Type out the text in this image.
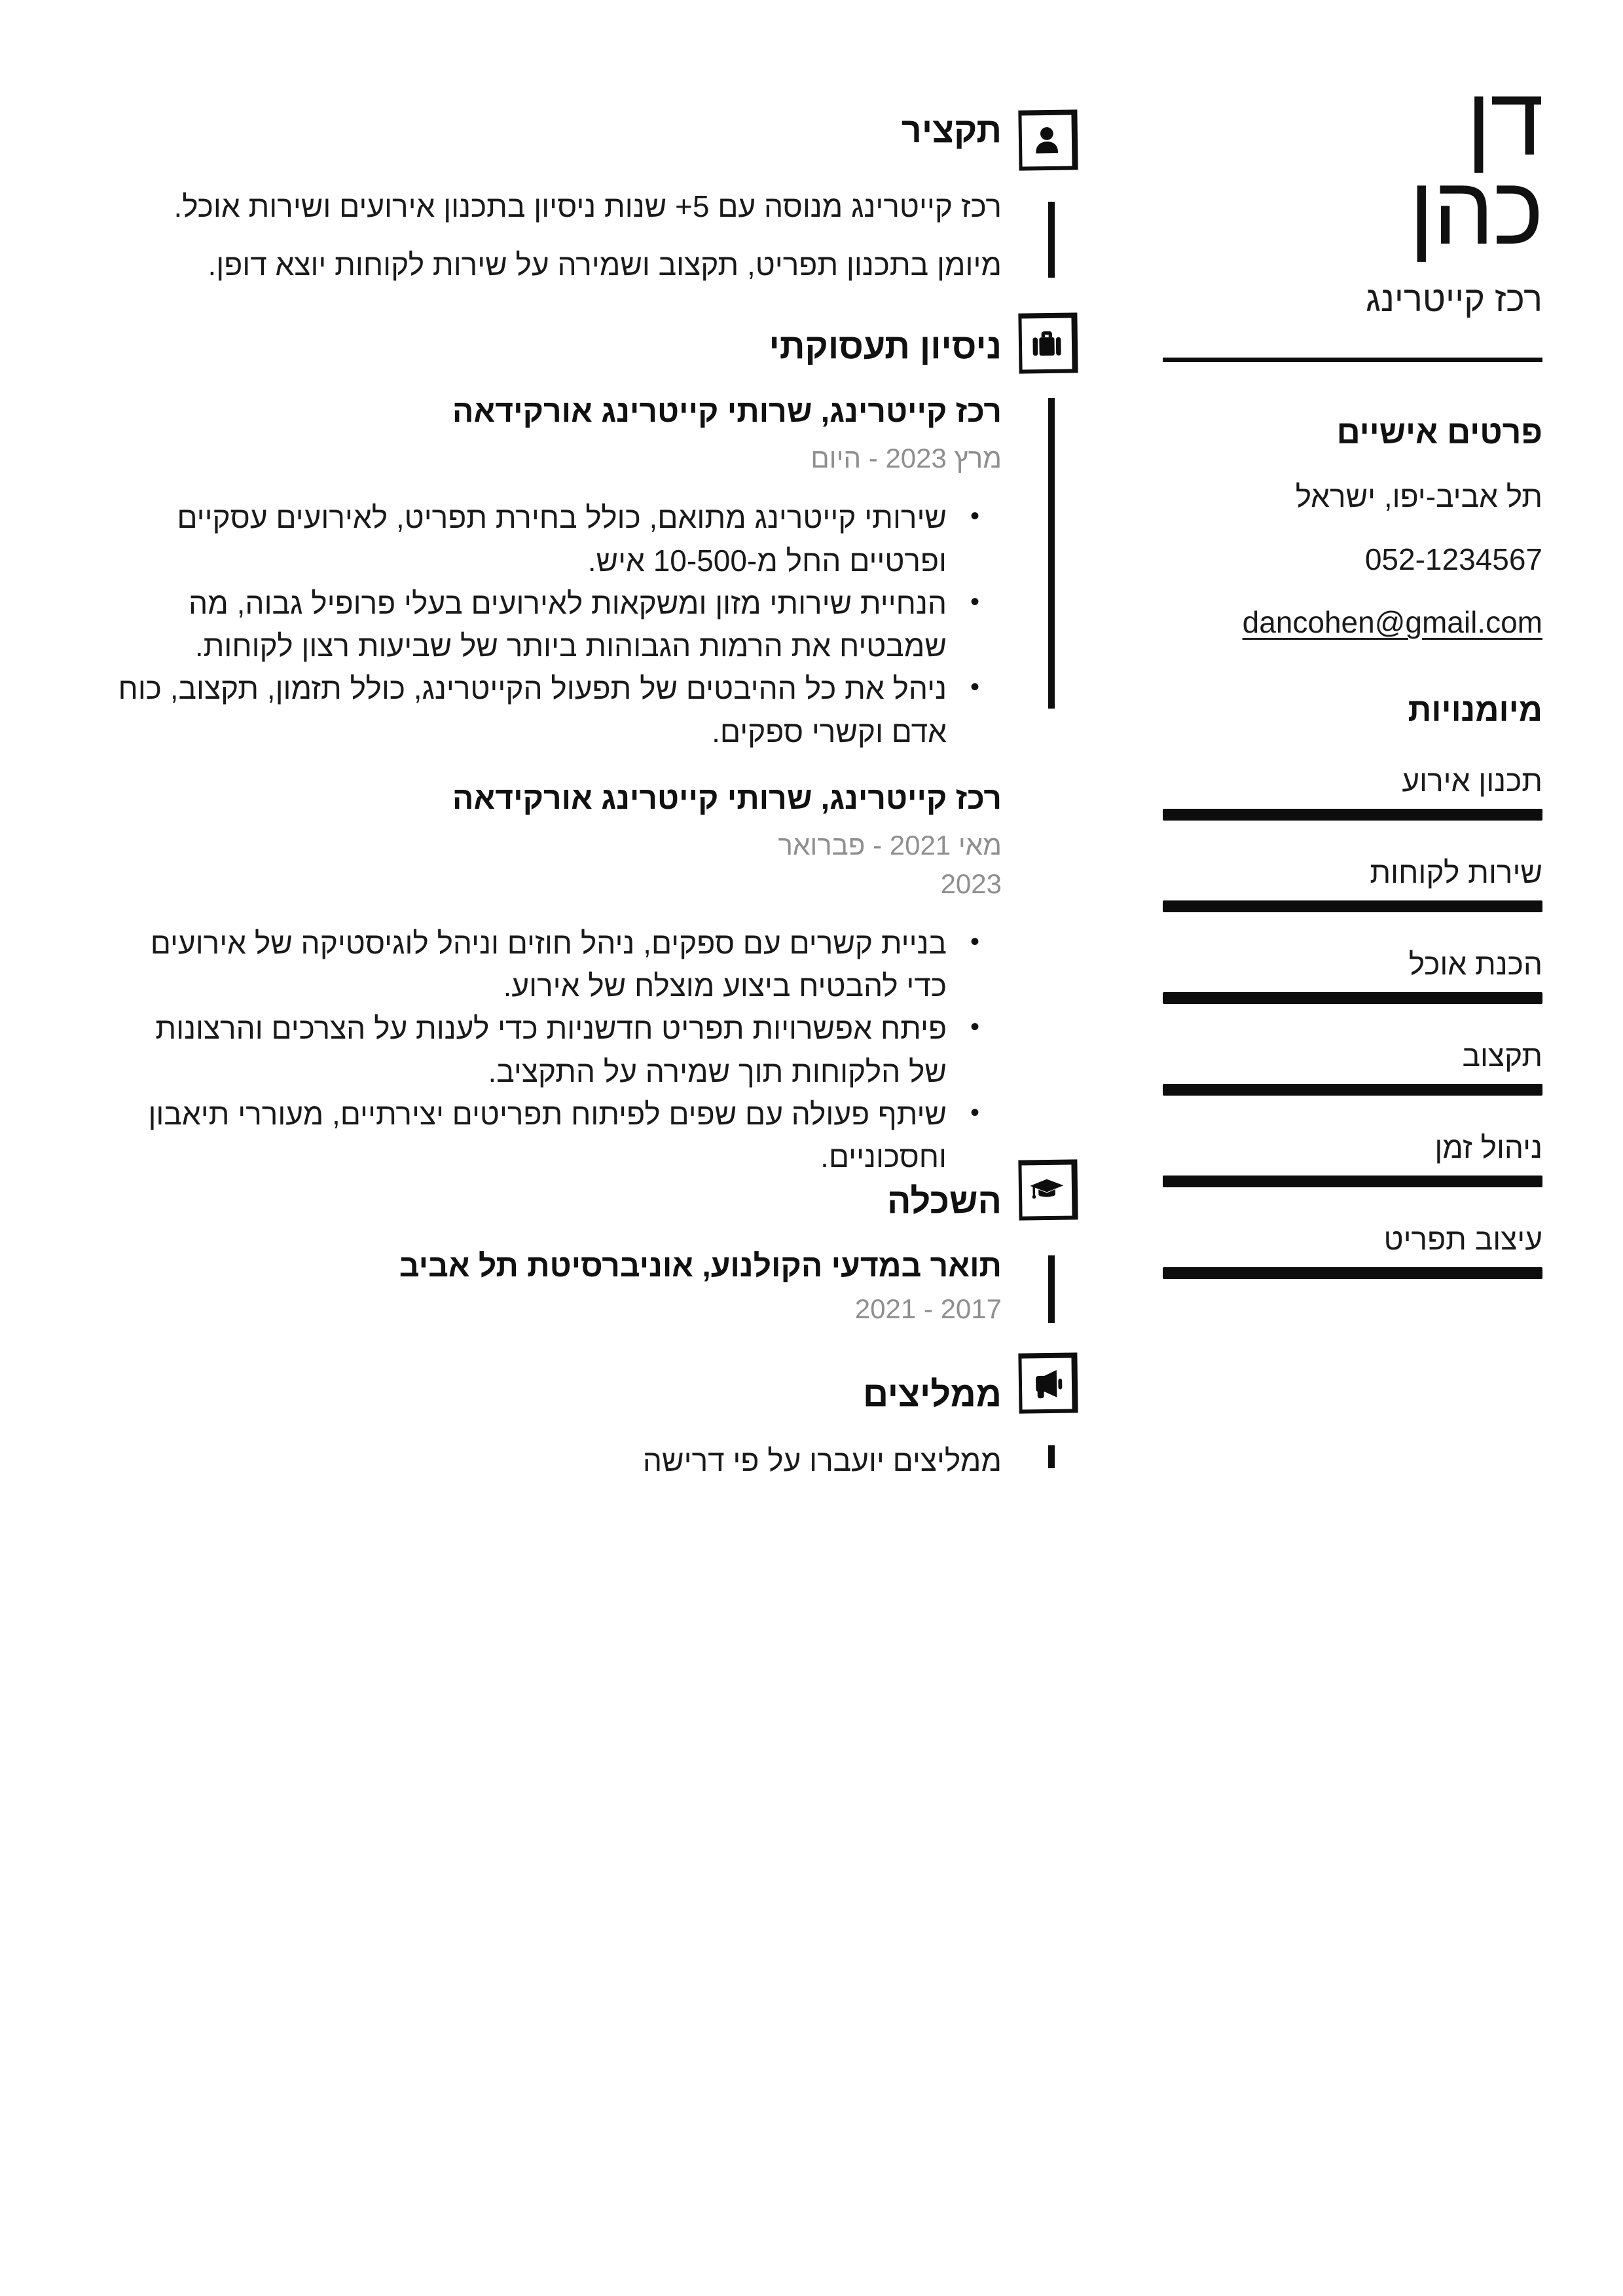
דן
כהן
רכז קייטרינג
פרטים אישיים
תל אביב-יפו, ישראל
052-1234567
dancohen@gmail.com
מיומנויות
תכנון אירוע
שירות לקוחות
הכנת אוכל
תקצוב
ניהול זמן
עיצוב תפריט
תקציר

רכז קייטרינג מנוסה עם 5+ שנות ניסיון בתכנון אירועים ושירות אוכל. מיומן בתכנון תפריט, תקצוב ושמירה על שירות לקוחות יוצא דופן.

ניסיון תעסוקתי
רכז קייטרינג, שרותי קייטרינג אורקידאה
מרץ 2023 - היום
• שירותי קייטרינג מתואם, כולל בחירת תפריט, לאירועים עסקיים ופרטיים החל מ-10-500 איש.
• הנחיית שירותי מזון ומשקאות לאירועים בעלי פרופיל גבוה, מה שמבטיח את הרמות הגבוהות ביותר של שביעות רצון לקוחות.
• ניהל את כל ההיבטים של תפעול הקייטרינג, כולל תזמון, תקצוב, כוח אדם וקשרי ספקים.
רכז קייטרינג, שרותי קייטרינג אורקידאה
מאי 2021 - פברואר 2023
• בניית קשרים עם ספקים, ניהל חוזים וניהל לוגיסטיקה של אירועים כדי להבטיח ביצוע מוצלח של אירוע.
• פיתח אפשרויות תפריט חדשניות כדי לענות על הצרכים והרצונות של הלקוחות תוך שמירה על התקציב.
• שיתף פעולה עם שפים לפיתוח תפריטים יצירתיים, מעוררי תיאבון וחסכוניים.
השכלה
תואר במדעי הקולנוע, אוניברסיטת תל אביב
2017 - 2021
ממליצים

ממליצים יועברו על פי דרישה
